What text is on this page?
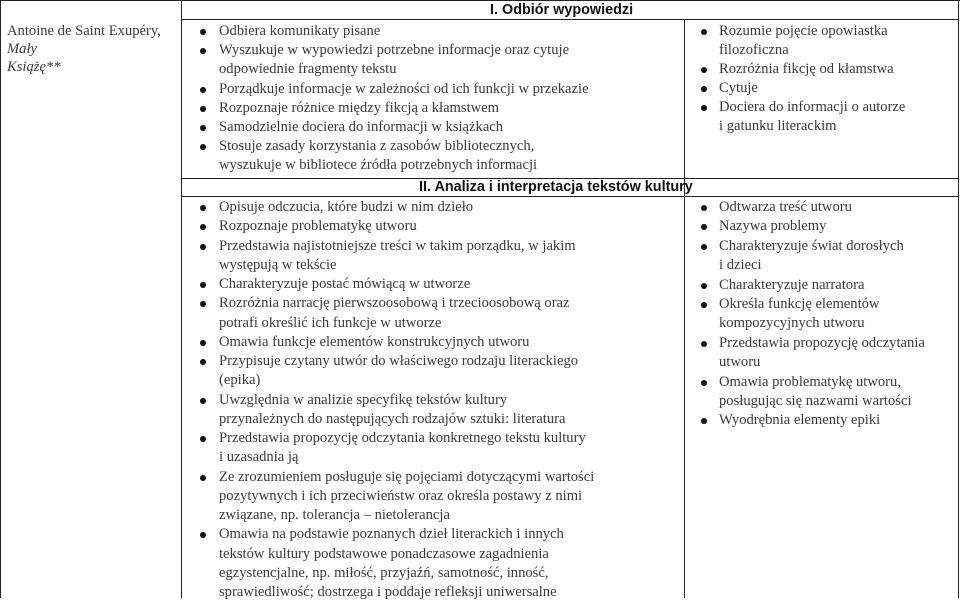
Antoine de Saint Exupéry,
Mały
Książę**
I. Odbiór wypowiedzi
II. Analiza i interpretacja tekstów kultury
Odbiera komunikaty pisane
Wyszukuje w wypowiedzi potrzebne informacje oraz cytuje
odpowiednie fragmenty tekstu
Porządkuje informacje w zależności od ich funkcji w przekazie
Rozpoznaje różnice między fikcją a kłamstwem
Samodzielnie dociera do informacji w książkach
Stosuje zasady korzystania z zasobów bibliotecznych,
wyszukuje w bibliotece źródła potrzebnych informacji
Rozumie pojęcie opowiastka
filozoficzna
Rozróżnia fikcję od kłamstwa
Cytuje
Dociera do informacji o autorze
i gatunku literackim
Opisuje odczucia, które budzi w nim dzieło
Rozpoznaje problematykę utworu
Przedstawia najistotniejsze treści w takim porządku, w jakim
występują w tekście
Charakteryzuje postać mówiącą w utworze
Rozróżnia narrację pierwszoosobową i trzecioosobową oraz
potrafi określić ich funkcje w utworze
Omawia funkcje elementów konstrukcyjnych utworu
Przypisuje czytany utwór do właściwego rodzaju literackiego
(epika)
Uwzględnia w analizie specyfikę tekstów kultury
przynależnych do następujących rodzajów sztuki: literatura
Przedstawia propozycję odczytania konkretnego tekstu kultury
i uzasadnia ją
Ze zrozumieniem posługuje się pojęciami dotyczącymi wartości
pozytywnych i ich przeciwieństw oraz określa postawy z nimi
związane, np. tolerancja – nietolerancja
Omawia na podstawie poznanych dzieł literackich i innych
tekstów kultury podstawowe ponadczasowe zagadnienia
egzystencjalne, np. miłość, przyjaźń, samotność, inność,
sprawiedliwość; dostrzega i poddaje refleksji uniwersalne
Odtwarza treść utworu
Nazywa problemy
Charakteryzuje świat dorosłych
i dzieci
Charakteryzuje narratora
Określa funkcję elementów
kompozycyjnych utworu
Przedstawia propozycję odczytania
utworu
Omawia problematykę utworu,
posługując się nazwami wartości
Wyodrębnia elementy epiki
